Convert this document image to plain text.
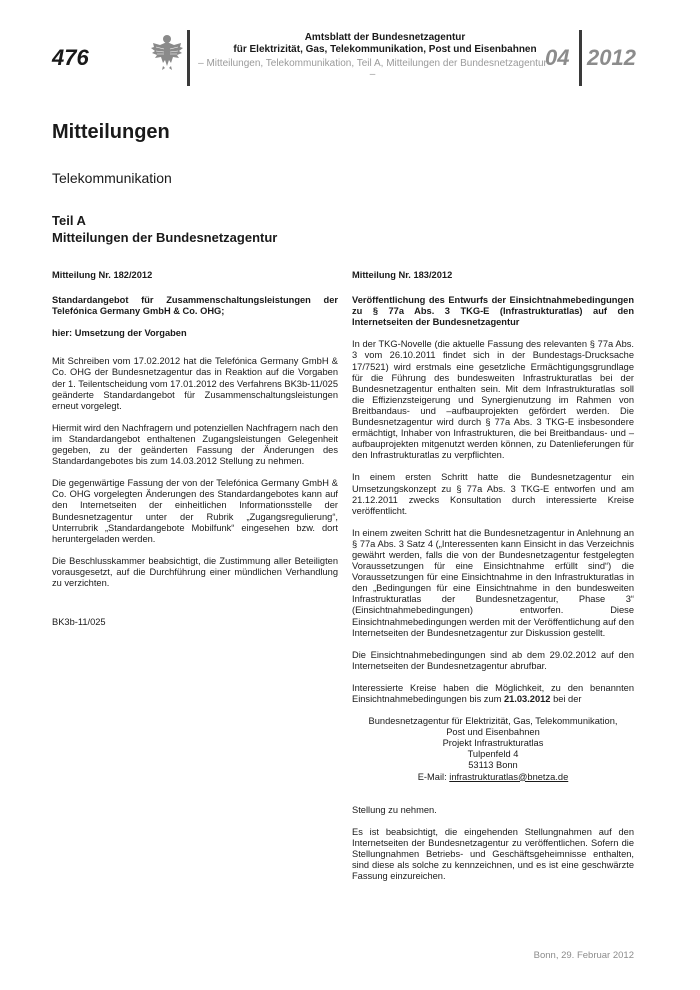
476
Amtsblatt der Bundesnetzagentur
für Elektrizität, Gas, Telekommunikation, Post und Eisenbahnen
– Mitteilungen, Telekommunikation, Teil A, Mitteilungen der Bundesnetzagentur –
04 2012
Mitteilungen
Telekommunikation
Teil A
Mitteilungen der Bundesnetzagentur

Mitteilung Nr. 182/2012

Standardangebot für Zusammenschaltungsleistungen der Telefónica Germany GmbH & Co. OHG;

hier: Umsetzung der Vorgaben

Mit Schreiben vom 17.02.2012 hat die Telefónica Germany GmbH & Co. OHG der Bundesnetzagentur das in Reaktion auf die Vorgaben der 1. Teilentscheidung vom 17.01.2012 des Verfahrens BK3b-11/025 geänderte Standardangebot für Zusammenschaltungsleistungen erneut vorgelegt.

Hiermit wird den Nachfragern und potenziellen Nachfragern nach den im Standardangebot enthaltenen Zugangsleistungen Gelegenheit gegeben, zu der geänderten Fassung der Änderungen des Standardangebotes bis zum 14.03.2012 Stellung zu nehmen.

Die gegenwärtige Fassung der von der Telefónica Germany GmbH & Co. OHG vorgelegten Änderungen des Standardangebotes kann auf den Internetseiten der einheitlichen Informationsstelle der Bundesnetzagentur unter der Rubrik „Zugangsregulierung“, Unterrubrik „Standardangebote Mobilfunk“ eingesehen bzw. dort heruntergeladen werden.

Die Beschlusskammer beabsichtigt, die Zustimmung aller Beteiligten vorausgesetzt, auf die Durchführung einer mündlichen Verhandlung zu verzichten.

BK3b-11/025

Mitteilung Nr. 183/2012

Veröffentlichung des Entwurfs der Einsichtnahmebedingungen zu § 77a Abs. 3 TKG-E (Infrastrukturatlas) auf den Internetseiten der Bundesnetzagentur

In der TKG-Novelle (die aktuelle Fassung des relevanten § 77a Abs. 3 vom 26.10.2011 findet sich in der Bundestags-Drucksache 17/7521) wird erstmals eine gesetzliche Ermächtigungsgrundlage für die Führung des bundesweiten Infrastrukturatlas bei der Bundesnetzagentur enthalten sein. Mit dem Infrastrukturatlas soll die Effizienzsteigerung und Synergienutzung im Rahmen von Breitbandaus- und –aufbauprojekten gefördert werden. Die Bundesnetzagentur wird durch § 77a Abs. 3 TKG-E insbesondere ermächtigt, Inhaber von Infrastrukturen, die bei Breitbandaus- und –aufbauprojekten mitgenutzt werden können, zu Datenlieferungen für den Infrastrukturatlas zu verpflichten.

In einem ersten Schritt hatte die Bundesnetzagentur ein Umsetzungskonzept zu § 77a Abs. 3 TKG-E entworfen und am 21.12.2011 zwecks Konsultation durch interessierte Kreise veröffentlicht.

In einem zweiten Schritt hat die Bundesnetzagentur in Anlehnung an § 77a Abs. 3 Satz 4 („Interessenten kann Einsicht in das Verzeichnis gewährt werden, falls die von der Bundesnetzagentur festgelegten Voraussetzungen für eine Einsichtnahme erfüllt sind“) die Voraussetzungen für eine Einsichtnahme in den Infrastrukturatlas in den „Bedingungen für eine Einsichtnahme in den bundesweiten Infrastrukturatlas der Bundesnetzagentur, Phase 3“ (Einsichtnahmebedingungen) entworfen. Diese Einsichtnahmebedingungen werden mit der Veröffentlichung auf den Internetseiten der Bundesnetzagentur zur Diskussion gestellt.

Die Einsichtnahmebedingungen sind ab dem 29.02.2012 auf den Internetseiten der Bundesnetzagentur abrufbar.

Interessierte Kreise haben die Möglichkeit, zu den benannten Einsichtnahmebedingungen bis zum 21.03.2012 bei der

Bundesnetzagentur für Elektrizität, Gas, Telekommunikation,
Post und Eisenbahnen
Projekt Infrastrukturatlas
Tulpenfeld 4
53113 Bonn
E-Mail: infrastrukturatlas@bnetza.de

Stellung zu nehmen.

Es ist beabsichtigt, die eingehenden Stellungnahmen auf den Internetseiten der Bundesnetzagentur zu veröffentlichen. Sofern die Stellungnahmen Betriebs- und Geschäftsgeheimnisse enthalten, sind diese als solche zu kennzeichnen, und es ist eine geschwärzte Fassung einzureichen.

Bonn, 29. Februar 2012
